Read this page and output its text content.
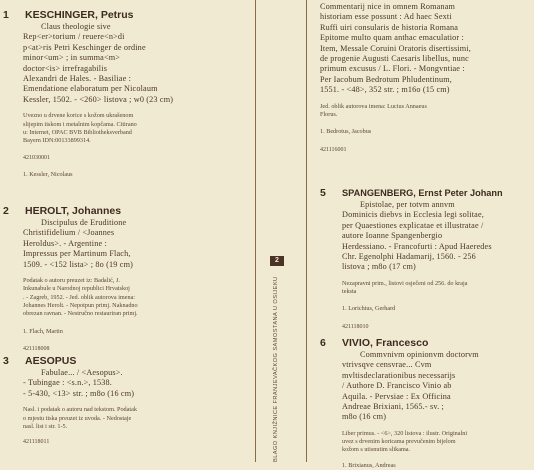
1 KESCHINGER, Petrus
Claus theologie sive
Rep<er>torium / reuere<n>di
p<at>ris Petri Keschinger de ordine
minor<um> ; in summa<m>
doctor<is> irrefragabilis
Alexandri de Hales. - Basiliae :
Emendatione elaboratum per Nicolaum
Kessler, 1502. - <260> listova ; w0 (23 cm)
Uvezno u drvene korice s kožom ukrašenom
slijepim tiskom i metalnim kopčama. Citirano
u: Internet, OPAC BVB Bibliotheksverband
Bayern IDN:00133899314.
421030001
1. Kessler, Nicolaus
2 HEROLT, Johannes
Discipulus de Eruditione
Christifidelium / <Joannes
Heroldus>. - Argentine :
Impressus per Martinum Flach,
1509. - <152 lista> ; 8o (19 cm)
Podatak o autoru preuzet iz: Badalić, J.
Inkunabule u Narodnoj republici Hrvatskoj
. - Zagreb, 1952. - Jed. oblik autorova imena:
Johannes Herolt. - Nepotpun primj. Naknadno
obrezan ravnan. - Nestručno restauriran primj.
1. Flach, Martin
421118008
3 AESOPUS
Fabulae... / <Aesopus>.
- Tubingae : <s.n.>, 1538.
- 5-430, <13> str. ; m8o (16 cm)
Nasl. i podatak o autoru nad tekstom. Podatak
o mjestu tiska preuzet iz uvoda. - Nedostaje
nasl. list i str. 1-5.
421118011
2
BLAGO KNJIŽNICE FRANJEVAČKOG SAMOSTANA U OSIJEKU
Commentarij nice in omnem Romanam
historiam esse possunt : Ad haec Sexti
Ruffi uiri consularis de historia Romana
Epitome multo quam anthac emaculatior :
Item, Messale Coruini Oratoris disertissimi,
de progenie Augusti Caesaris libellus, nunc
primum excusus / L. Flori. - Mongvntiae :
Per Iacobum Bedrotum Phludentinum,
1551. - <48>, 352 str. ; m16o (15 cm)
Jed. oblik autorova imena: Lucius Annaeus
Florus.
1. Bedrotus, Jacobus
421116001
5 SPANGENBERG, Ernst Peter Johann
Epistolae, per totvm annvm
Dominicis diebvs in Ecclesia legi solitae,
per Quaestiones explicatae et illustratae /
autore Ioanne Spangenbergio
Herdessiano. - Francofurti : Apud Haeredes
Chr. Egenolphi Hadamarij, 1560. - 256
listova ; m8o (17 cm)
Nezapravni prim., listovi osječeni od 256. do kraja
teksta
1. Lorichius, Gerhard
421118010
6 VIVIO, Francesco
Commvnivm opinionvm doctorvm
vtrivsqve censvrae... Cvm
mvltisdeclarationibus necessarijs
/ Authore D. Francisco Vinio ab
Aquila. - Pervsiae : Ex Officina
Andreae Brixiani, 1565.- sv. ;
m8o (16 cm)
Liber primus. - <6>, 320 listova : ilustr. Originalni
uvez s drvenim koricama prevučenim bijelom
kožom s utisnutim slikama.
1. Brixianus, Andreas
